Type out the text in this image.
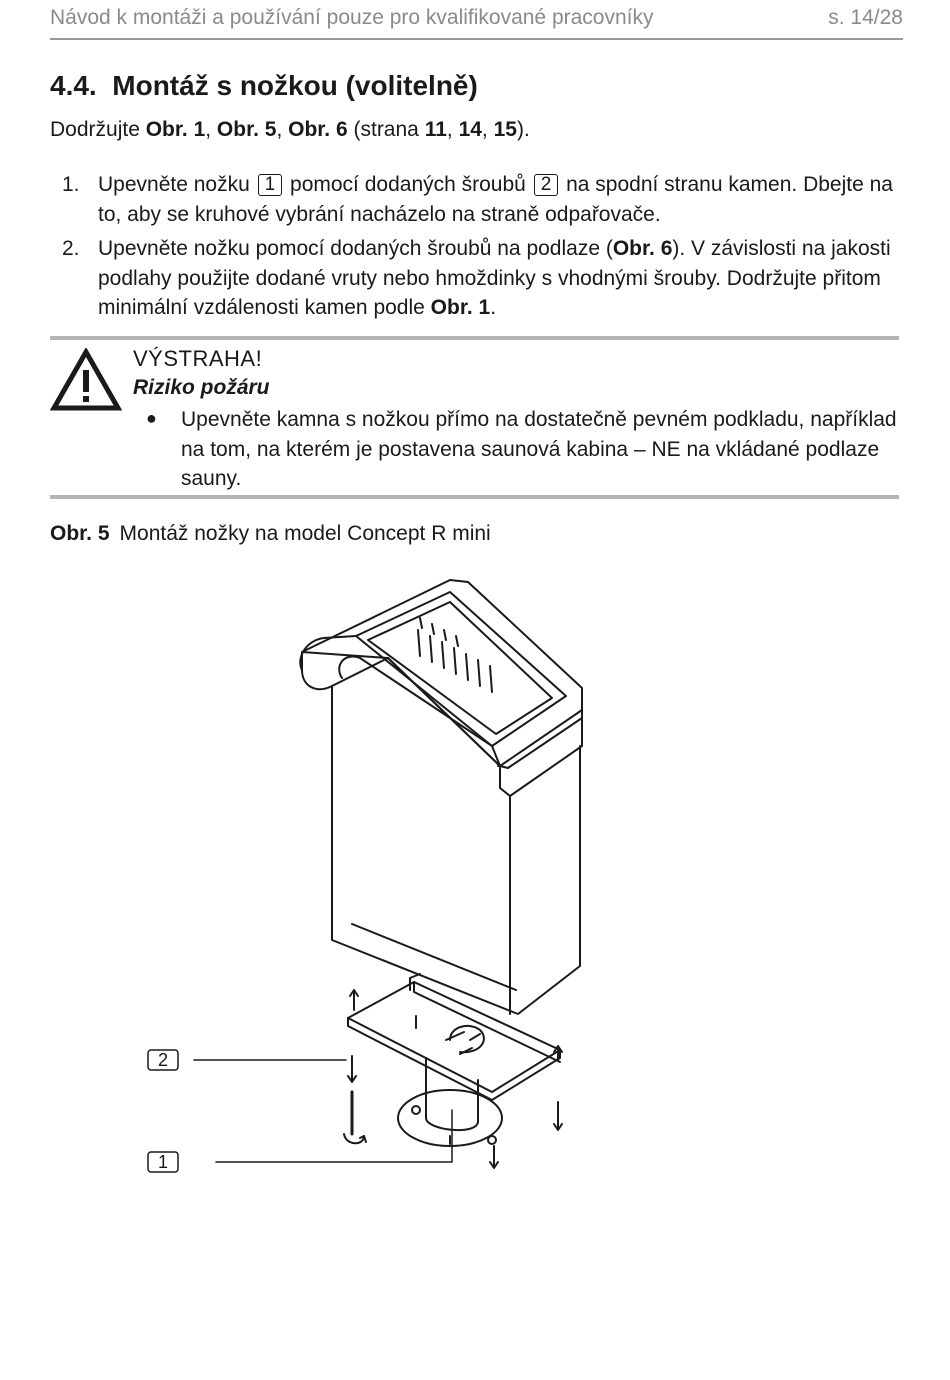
Návod k montáži a používání pouze pro kvalifikované pracovníky	s. 14/28
4.4. Montáž s nožkou (volitelně)
Dodržujte Obr. 1, Obr. 5, Obr. 6 (strana 11, 14, 15).
1. Upevněte nožku 1 pomocí dodaných šroubů 2 na spodní stranu kamen. Dbejte na to, aby se kruhové vybrání nacházelo na straně odpařovače.
2. Upevněte nožku pomocí dodaných šroubů na podlaze (Obr. 6). V závislosti na jakosti podlahy použijte dodané vruty nebo hmoždinky s vhodnými šrouby. Dodržujte přitom minimální vzdálenosti kamen podle Obr. 1.
VÝSTRAHA!
Riziko požáru
● Upevněte kamna s nožkou přímo na dostatečně pevném podkladu, například na tom, na kterém je postavena saunová kabina – NE na vkládané podlaze sauny.
Obr. 5 Montáž nožky na model Concept R mini
2
1
